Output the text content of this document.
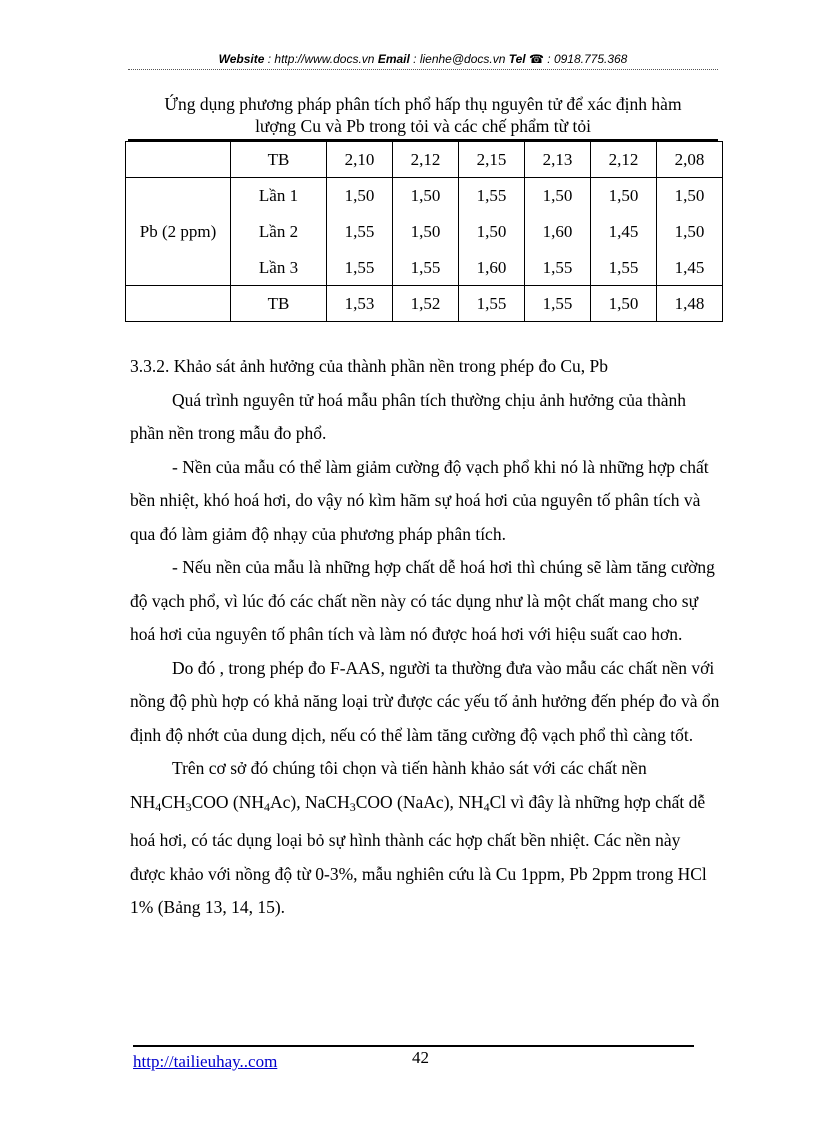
Website : http://www.docs.vn Email : lienhe@docs.vn Tel ☎ : 0918.775.368
Ứng dụng phương pháp phân tích phổ hấp thụ nguyên tử để xác định hàm
lượng Cu và Pb trong tỏi và các chế phẩm từ tỏi
	TB	2,10	2,12	2,15	2,13	2,12	2,08
Pb (2 ppm)	Lần 1	1,50	1,50	1,55	1,50	1,50	1,50
	Lần 2	1,55	1,50	1,50	1,60	1,45	1,50
	Lần 3	1,55	1,55	1,60	1,55	1,55	1,45
	TB	1,53	1,52	1,55	1,55	1,50	1,48

3.3.2. Khảo sát ảnh hưởng của thành phần nền trong phép đo Cu, Pb

Quá trình nguyên tử hoá mẫu phân tích thường chịu ảnh hưởng của thành phần nền trong mẫu đo phổ.

- Nền của mẫu có thể làm giảm cường độ vạch phổ khi nó là những hợp chất bền nhiệt, khó hoá hơi, do vậy nó kìm hãm sự hoá hơi của nguyên tố phân tích và qua đó làm giảm độ nhạy của phương pháp phân tích.

- Nếu nền của mẫu là những hợp chất dễ hoá hơi thì chúng sẽ làm tăng cường độ vạch phổ, vì lúc đó các chất nền này có tác dụng như là một chất mang cho sự hoá hơi của nguyên tố phân tích và làm nó được hoá hơi với hiệu suất cao hơn.

Do đó , trong phép đo F-AAS, người ta thường đưa vào mẫu các chất nền với nồng độ phù hợp có khả năng loại trừ được các yếu tố ảnh hưởng đến phép đo và ổn định độ nhớt của dung dịch, nếu có thể làm tăng cường độ vạch phổ thì càng tốt.

Trên cơ sở đó chúng tôi chọn và tiến hành khảo sát với các chất nền $NH_4CH_3COO$ $(NH_4Ac)$, NaCH$_3$COO (NaAc), $NH_4Cl$ vì đây là những hợp chất dễ hoá hơi, có tác dụng loại bỏ sự hình thành các hợp chất bền nhiệt. Các nền này được khảo với nồng độ từ 0-3%, mẫu nghiên cứu là Cu 1ppm, Pb 2ppm trong HCl 1% (Bảng 13, 14, 15).

http://tailieuhay..com	42
